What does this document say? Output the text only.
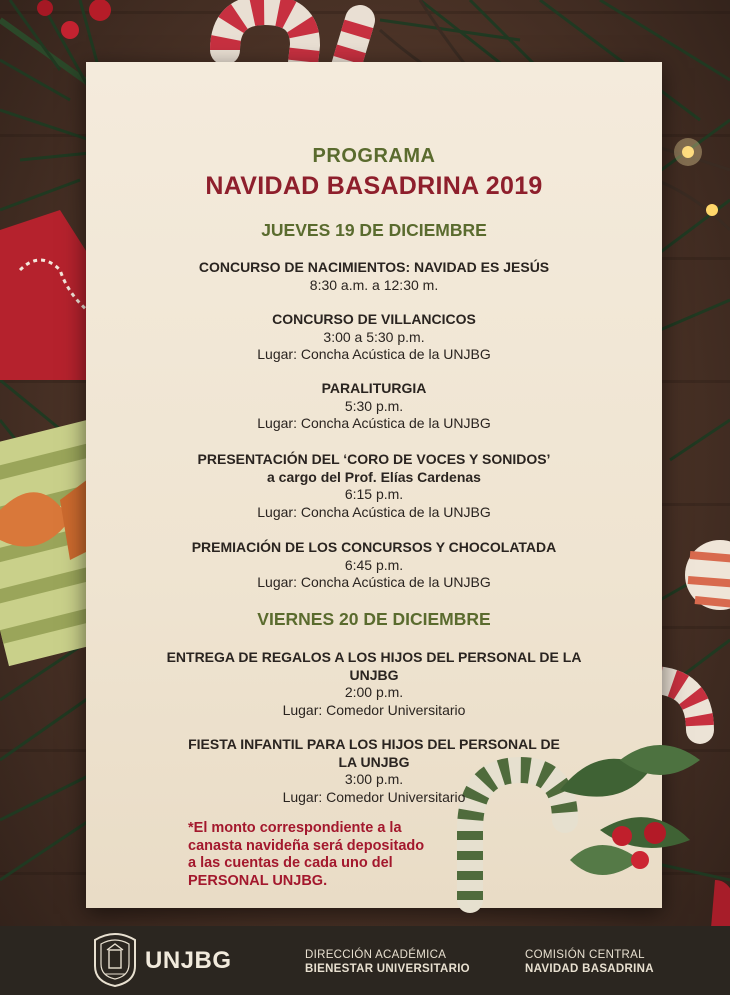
PROGRAMA
NAVIDAD BASADRINA 2019
JUEVES 19 DE DICIEMBRE
CONCURSO DE NACIMIENTOS: NAVIDAD ES JESÚS
8:30 a.m. a 12:30 m.
CONCURSO DE VILLANCICOS
3:00 a 5:30 p.m.
Lugar: Concha Acústica de la UNJBG
PARALITURGIA
5:30 p.m.
Lugar: Concha Acústica de la UNJBG
PRESENTACIÓN DEL ‘CORO DE VOCES Y SONIDOS’
a cargo del Prof. Elías Cardenas
6:15 p.m.
Lugar: Concha Acústica de la UNJBG
PREMIACIÓN DE LOS CONCURSOS Y CHOCOLATADA
6:45 p.m.
Lugar: Concha Acústica de la UNJBG
VIERNES 20 DE DICIEMBRE
ENTREGA DE REGALOS A LOS HIJOS DEL PERSONAL DE LA
UNJBG
2:00 p.m.
Lugar: Comedor Universitario
FIESTA INFANTIL PARA LOS HIJOS DEL PERSONAL DE
LA UNJBG
3:00 p.m.
Lugar: Comedor Universitario
*El monto correspondiente a la
canasta navideña será depositado
a las cuentas de cada uno del
PERSONAL UNJBG.
UNJBG	DIRECCIÓN ACADÉMICA
BIENESTAR UNIVERSITARIO
COMISIÓN CENTRAL
NAVIDAD BASADRINA
